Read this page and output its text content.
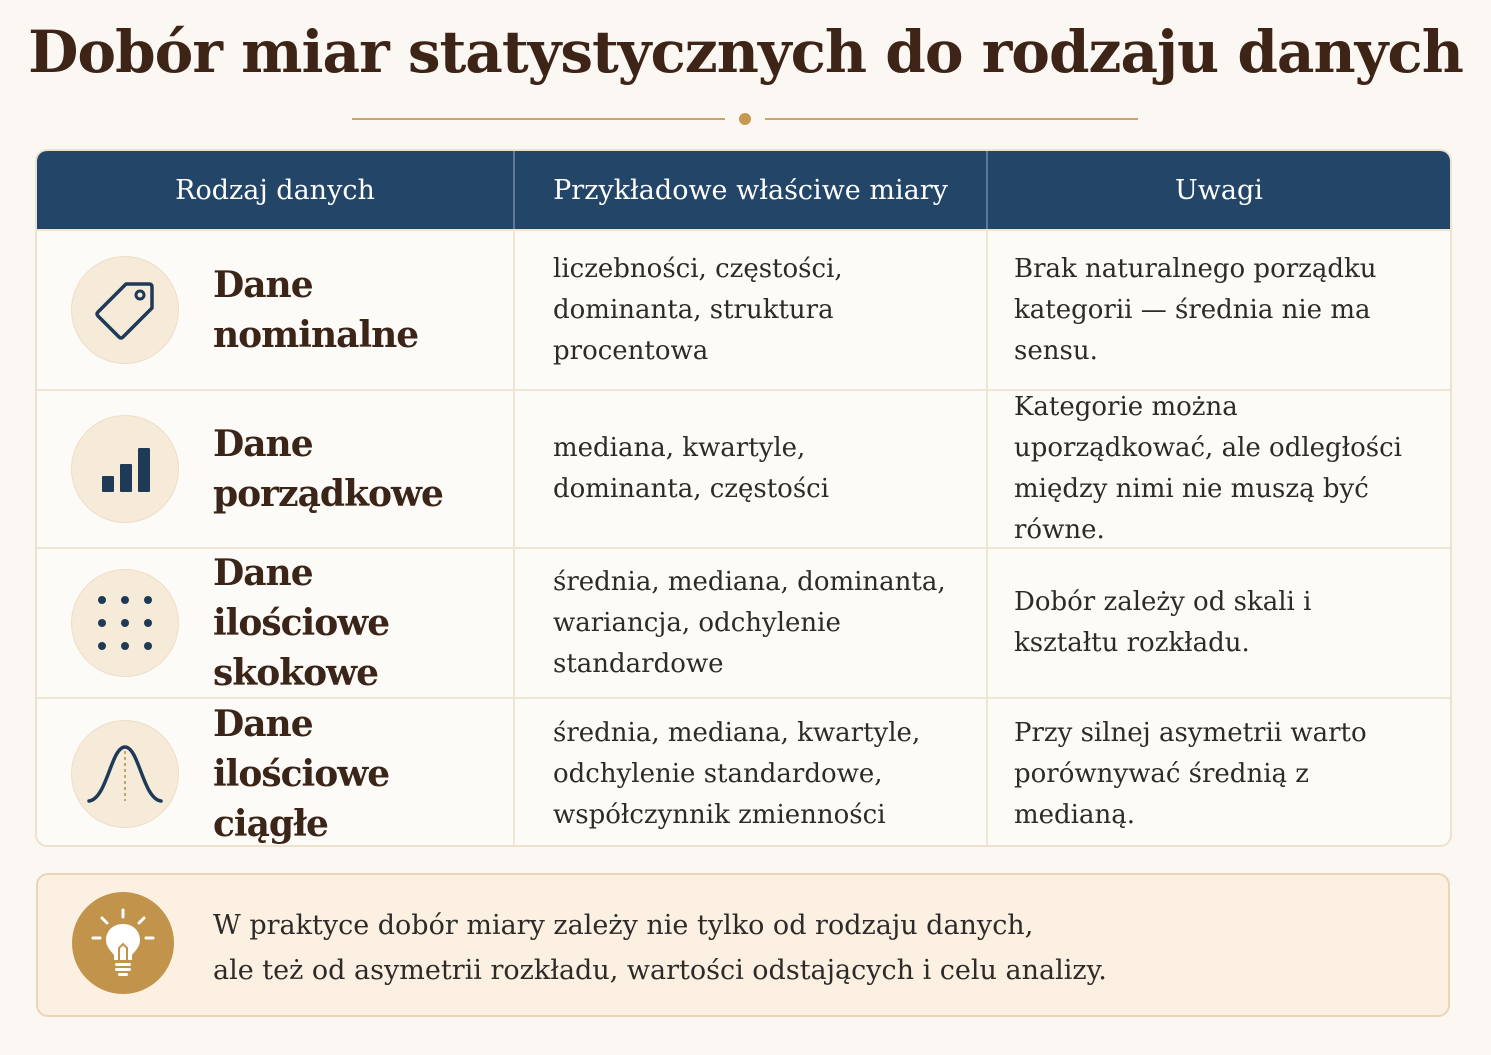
Dobór miar statystycznych do rodzaju danych
Rodzaj danych	Przykładowe właściwe miary	Uwagi
Dane nominalne
liczebności, częstości, dominanta, struktura procentowa
Brak naturalnego porządku kategorii — średnia nie ma sensu.
Dane porządkowe
mediana, kwartyle, dominanta, częstości
Kategorie można uporządkować, ale odległości między nimi nie muszą być równe.
Dane ilościowe skokowe
średnia, mediana, dominanta, wariancja, odchylenie standardowe
Dobór zależy od skali i kształtu rozkładu.
Dane ilościowe ciągłe
średnia, mediana, kwartyle, odchylenie standardowe, współczynnik zmienności
Przy silnej asymetrii warto porównywać średnią z medianą.
W praktyce dobór miary zależy nie tylko od rodzaju danych,
ale też od asymetrii rozkładu, wartości odstających i celu analizy.
